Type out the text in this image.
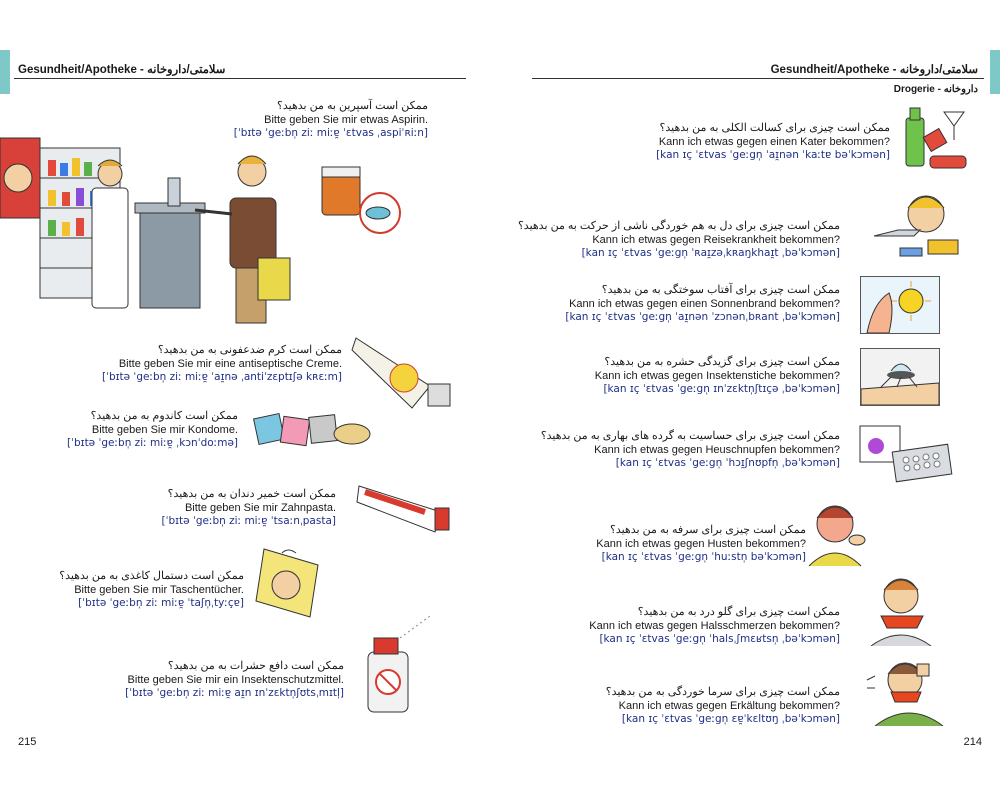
Gesundheit/Apotheke - سلامتی/داروخانه
ممکن است آسپرین به من بدهید؟
Bitte geben Sie mir etwas Aspirin.
[ˈbɪtə ˈgeːbn̩ ziː miːɐ̯ ˈɛtvas ˌaspiˈʀiːn]
ممکن است کرم ضدعفونی به من بدهید؟
Bitte geben Sie mir eine antiseptische Creme.
[ˈbɪtə ˈgeːbn̩ ziː miːɐ̯ ˈaɪ̯nə ˌantiˈzɛptɪʃə kʀɛːm]
ممکن است کاندوم به من بدهید؟
Bitte geben Sie mir Kondome.
[ˈbɪtə ˈgeːbn̩ ziː miːɐ̯ ˌkɔnˈdoːmə]
ممکن است خمیر دندان به من بدهید؟
Bitte geben Sie mir Zahnpasta.
[ˈbɪtə ˈgeːbn̩ ziː miːɐ̯ ˈtsaːnˌpasta]
ممکن است دستمال کاغذی به من بدهید؟
Bitte geben Sie mir Taschentücher.
[ˈbɪtə ˈgeːbn̩ ziː miːɐ̯ ˈtaʃn̩ˌtyːçɐ]
ممکن است دافع حشرات به من بدهید؟
Bitte geben Sie mir ein Insektenschutzmittel.
[ˈbɪtə ˈgeːbn̩ ziː miːɐ̯ aɪ̯n ɪnˈzɛktn̩ʃʊtsˌmɪtl̩]
215
Gesundheit/Apotheke - سلامتی/داروخانه
Drogerie - داروخانه
ممکن است چیزی برای کسالت الکلی به من بدهید؟
Kann ich etwas gegen einen Kater bekommen?
[kan ɪç ˈɛtvas ˈgeːgn̩ ˈaɪ̯nən ˈkaːtɐ bəˈkɔmən]
ممکن است چیزی برای دل به هم خوردگی ناشی از حرکت به من بدهید؟
Kann ich etwas gegen Reisekrankheit bekommen?
[kan ɪç ˈɛtvas ˈgeːgn̩ ˈʀaɪ̯zəˌkʀaŋkhaɪ̯t ˌbəˈkɔmən]
ممکن است چیزی برای آفتاب سوختگی به من بدهید؟
Kann ich etwas gegen einen Sonnenbrand bekommen?
[kan ɪç ˈɛtvas ˈgeːgn̩ ˈaɪ̯nən ˈzɔnənˌbʀant ˌbəˈkɔmən]
ممکن است چیزی برای گزیدگی حشره به من بدهید؟
Kann ich etwas gegen Insektenstiche bekommen?
[kan ɪç ˈɛtvas ˈgeːgn̩ ɪnˈzɛktn̩ʃtɪçə ˌbəˈkɔmən]
ممکن است چیزی برای حساسیت به گرده های بهاری به من بدهید؟
Kann ich etwas gegen Heuschnupfen bekommen?
[kan ɪç ˈɛtvas ˈgeːgn̩ ˈhɔɪ̯ʃnʊpfn̩ ˌbəˈkɔmən]
ممکن است چیزی برای سرفه به من بدهید؟
Kann ich etwas gegen Husten bekommen?
[kan ɪç ˈɛtvas ˈgeːgn̩ ˈhuːstn̩ bəˈkɔmən]
ممکن است چیزی برای گلو درد به من بدهید؟
Kann ich etwas gegen Halsschmerzen bekommen?
[kan ɪç ˈɛtvas ˈgeːgn̩ ˈhalsˌʃmɛʁtsn̩ ˌbəˈkɔmən]
ممکن است چیزی برای سرما خوردگی به من بدهید؟
Kann ich etwas gegen Erkältung bekommen?
[kan ɪç ˈɛtvas ˈgeːgn̩ ɛɐ̯ˈkɛltʊŋ ˌbəˈkɔmən]
214
